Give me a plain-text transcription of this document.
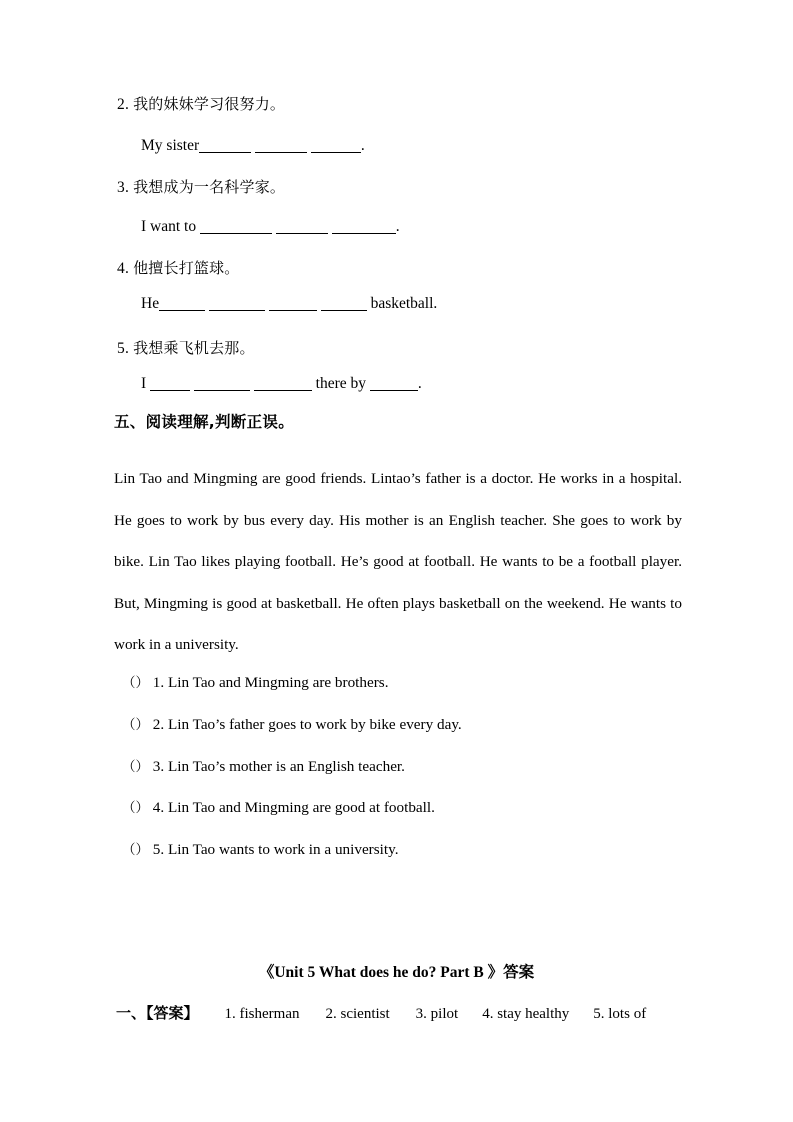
2. 我的妹妹学习很努力。
My sister	.
3. 我想成为一名科学家。
I want to	.
4. 他擅长打篮球。
He	basketball.
5. 我想乘飞机去那。
I	there by	.
五、阅读理解,判断正误。
Lin Tao and Mingming are good friends. Lintao’s father is a doctor. He works in a hospital. He goes to work by bus every day. His mother is an English teacher. She goes to work by bike. Lin Tao likes playing football. He’s good at football. He wants to be a football player. But, Mingming is good at basketball. He often plays basketball on the weekend. He wants to work in a university.
（） 1. Lin Tao and Mingming are brothers.
（） 2. Lin Tao’s father goes to work by bike every day.
（） 3. Lin Tao’s mother is an English teacher.
（） 4. Lin Tao and Mingming are good at football.
（） 5. Lin Tao wants to work in a university.
《Unit 5 What does he do? Part B 》答案
一、【答案】 1. fisherman 2. scientist 3. pilot 4. stay healthy 5. lots of
